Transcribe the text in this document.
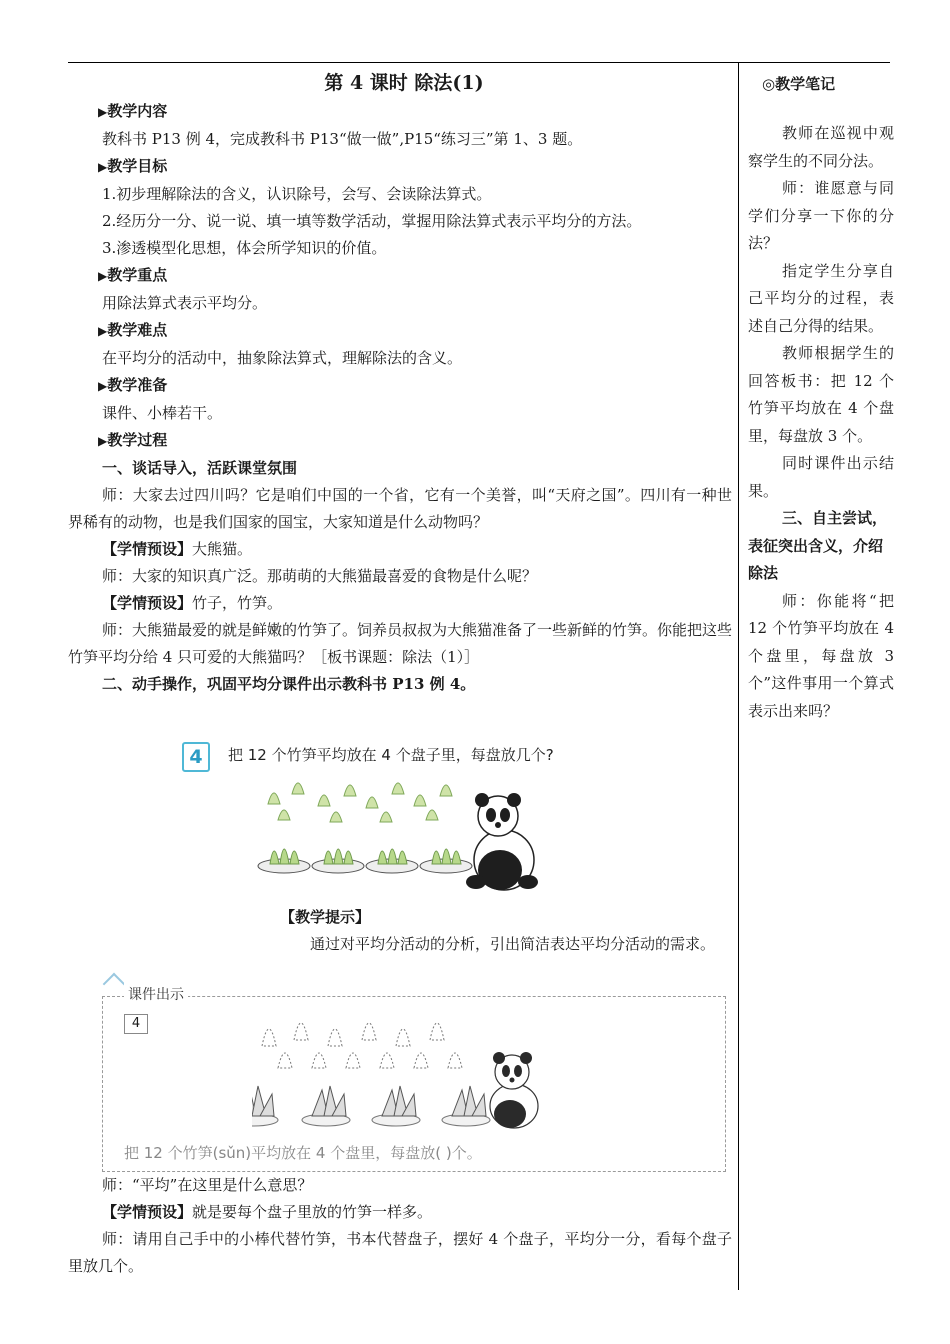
第 4 课时 除法(1)
▶教学内容
教科书 P13 例 4，完成教科书 P13“做一做”,P15“练习三”第 1、3 题。
▶教学目标
1.初步理解除法的含义，认识除号，会写、会读除法算式。
2.经历分一分、说一说、填一填等数学活动，掌握用除法算式表示平均分的方法。
3.渗透模型化思想，体会所学知识的价值。
▶教学重点
用除法算式表示平均分。
▶教学难点
在平均分的活动中，抽象除法算式，理解除法的含义。
▶教学准备
课件、小棒若干。
▶教学过程
一、谈话导入，活跃课堂氛围
师：大家去过四川吗？它是咱们中国的一个省，它有一个美誉，叫“天府之国”。四川有一种世界稀有的动物，也是我们国家的国宝，大家知道是什么动物吗？
【学情预设】大熊猫。
师：大家的知识真广泛。那萌萌的大熊猫最喜爱的食物是什么呢？
【学情预设】竹子，竹笋。
师：大熊猫最爱的就是鲜嫩的竹笋了。饲养员叔叔为大熊猫准备了一些新鲜的竹笋。你能把这些竹笋平均分给 4 只可爱的大熊猫吗？［板书课题：除法（1）］
二、动手操作，巩固平均分课件出示教科书 P13 例 4。
4	把 12 个竹笋平均放在 4 个盘子里，每盘放几个?
【教学提示】
通过对平均分活动的分析，引出简洁表达平均分活动的需求。
课件出示
4
把 12 个竹笋(sǔn)平均放在 4 个盘里，每盘放( )个。
师：“平均”在这里是什么意思？
【学情预设】就是要每个盘子里放的竹笋一样多。
师：请用自己手中的小棒代替竹笋，书本代替盘子，摆好 4 个盘子，平均分一分，看每个盘子里放几个。
◎教学笔记
教师在巡视中观察学生的不同分法。
师：谁愿意与同学们分享一下你的分法？
指定学生分享自己平均分的过程，表述自己分得的结果。
教师根据学生的回答板书：把 12 个竹笋平均放在 4 个盘里，每盘放 3 个。
同时课件出示结果。
三、自主尝试，表征突出含义，介绍除法
师：你能将“把 12 个竹笋平均放在 4 个盘里，每盘放 3 个”这件事用一个算式表示出来吗？
